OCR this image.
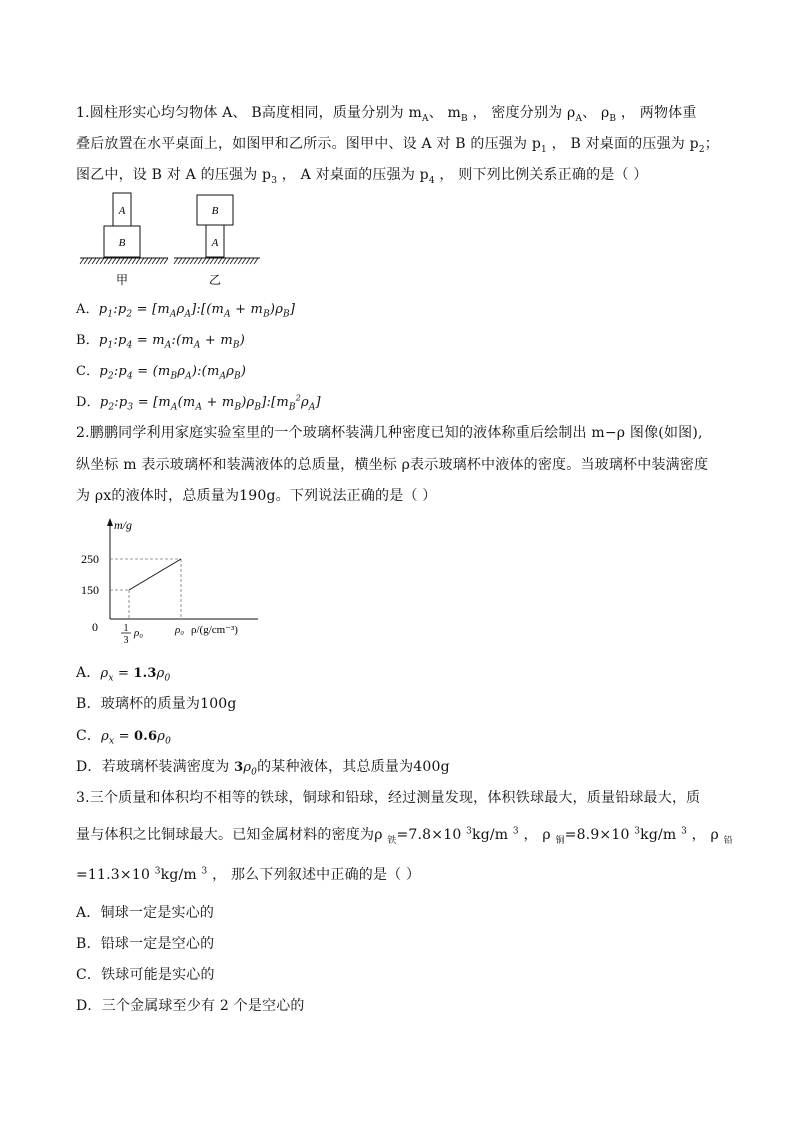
1.圆柱形实心均匀物体 A、 B高度相同，质量分别为 $m_A$、 $m_B$ ， 密度分别为 $\rho_A$、 $\rho_B$ ， 两物体重
叠后放置在水平桌面上，如图甲和乙所示。图甲中、设 A 对 B 的压强为 $p_1$ ， B 对桌面的压强为 $p_2$；
图乙中，设 B 对 A 的压强为 $p_3$ ， A 对桌面的压强为 $p_4$ ， 则下列比例关系正确的是（ ）
A
B
甲
B
A
乙
A．$p_1:p_2$ = $[m_A\rho_A]:[(m_A + m_B)\rho_B]$
B．$p_1:p_4$ = $m_A:(m_A + m_B)$
C．$p_2:p_4$ = $(m_B\rho_A):(m_A\rho_B)$
D．$p_2:p_3 = [m_A(m_A$ + $m_B)\rho_B]:[m_B^2\rho_A]$
2.鹏鹏同学利用家庭实验室里的一个玻璃杯装满几种密度已知的液体称重后绘制出 m−ρ 图像(如图),
纵坐标 m 表示玻璃杯和装满液体的总质量，横坐标 ρ表示玻璃杯中液体的密度。当玻璃杯中装满密度
为 ρx的液体时，总质量为190g。下列说法正确的是（ ）
m/g
250
150
0	1
3
ρ₀	ρ₀ ρ/(g/cm⁻³)
A．$\rho_x = 1.3\rho_0$
B．玻璃杯的质量为100g
C．$\rho_x = 0.6\rho_0$
D．若玻璃杯装满密度为 $3\rho_0$的某种液体，其总质量为400g
3.三个质量和体积均不相等的铁球，铜球和铅球，经过测量发现，体积铁球最大，质量铅球最大，质
量与体积之比铜球最大。已知金属材料的密度为ρ $_铁$=7.8×10 $^3$kg/m $^3$ ， ρ $_铜$=8.9×10 $^3$kg/m $^3$ ， ρ $_铅$
=11.3×10 $^3$kg/m $^3$ ， 那么下列叙述中正确的是（ ）
A．铜球一定是实心的
B．铅球一定是空心的
C．铁球可能是实心的
D．三个金属球至少有 2 个是空心的
